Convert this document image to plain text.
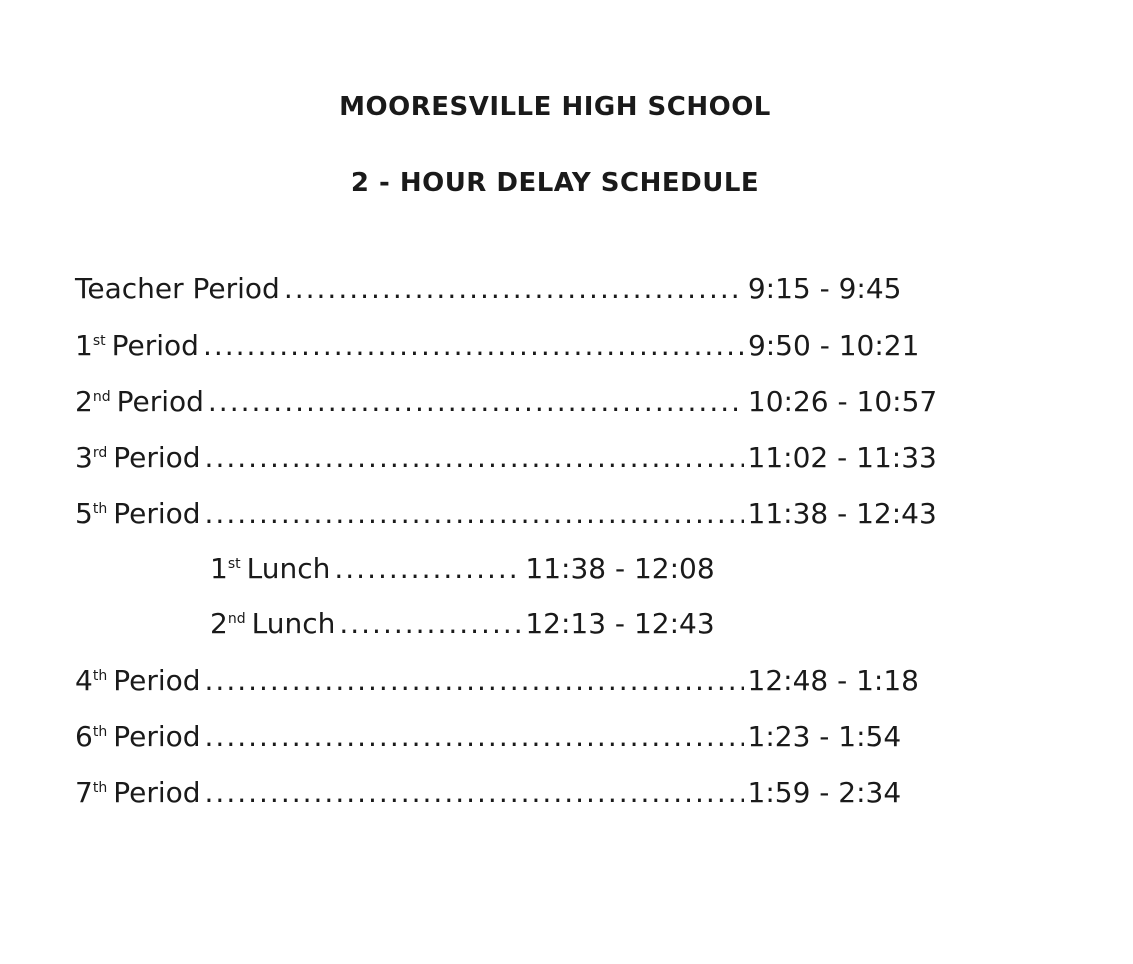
MOORESVILLE HIGH SCHOOL
2 - HOUR DELAY SCHEDULE
Teacher Period .....	9:15 - 9:45
1st Period .....	9:50 - 10:21
2nd Period .....	10:26 - 10:57
3rd Period .....	11:02 - 11:33
5th Period .....	11:38 - 12:43
1st Lunch .....	11:38 - 12:08
2nd Lunch .....	12:13 - 12:43
4th Period .....	12:48 - 1:18
6th Period .....	1:23 - 1:54
7th Period .....	1:59 - 2:34
